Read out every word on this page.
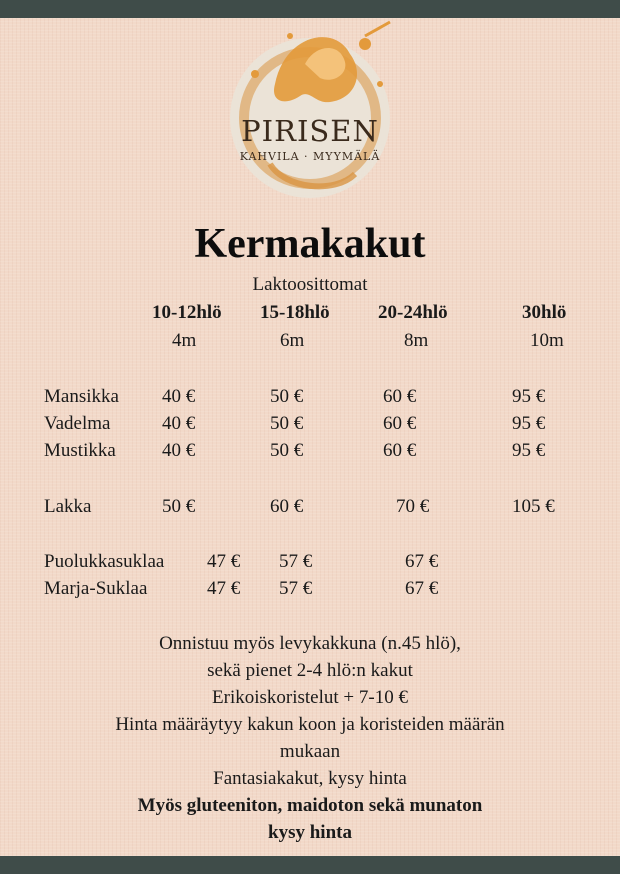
PIRISEN
KAHVILA · MYYMÄLÄ
Kermakakut
Laktoosittomat
10-12hlö 15-18hlö	20-24hlö	30hlö
4m	6m	8m	10m
Mansikka 40 €	50 €	60 €	95 €
Vadelma	40 €	50 €	60 €	95 €
Mustikka 40 €	50 €	60 €	95 €
Lakka	50 €	60 €	70 €	105 €
Puolukkasuklaa 47 € 57 €	67 €
Marja-Suklaa	47 € 57 €	67 €
Onnistuu myös levykakkuna (n.45 hlö),
sekä pienet 2-4 hlö:n kakut
Erikoiskoristelut + 7-10 €
Hinta määräytyy kakun koon ja koristeiden määrän
mukaan
Fantasiakakut, kysy hinta
Myös gluteeniton, maidoton sekä munaton
kysy hinta
